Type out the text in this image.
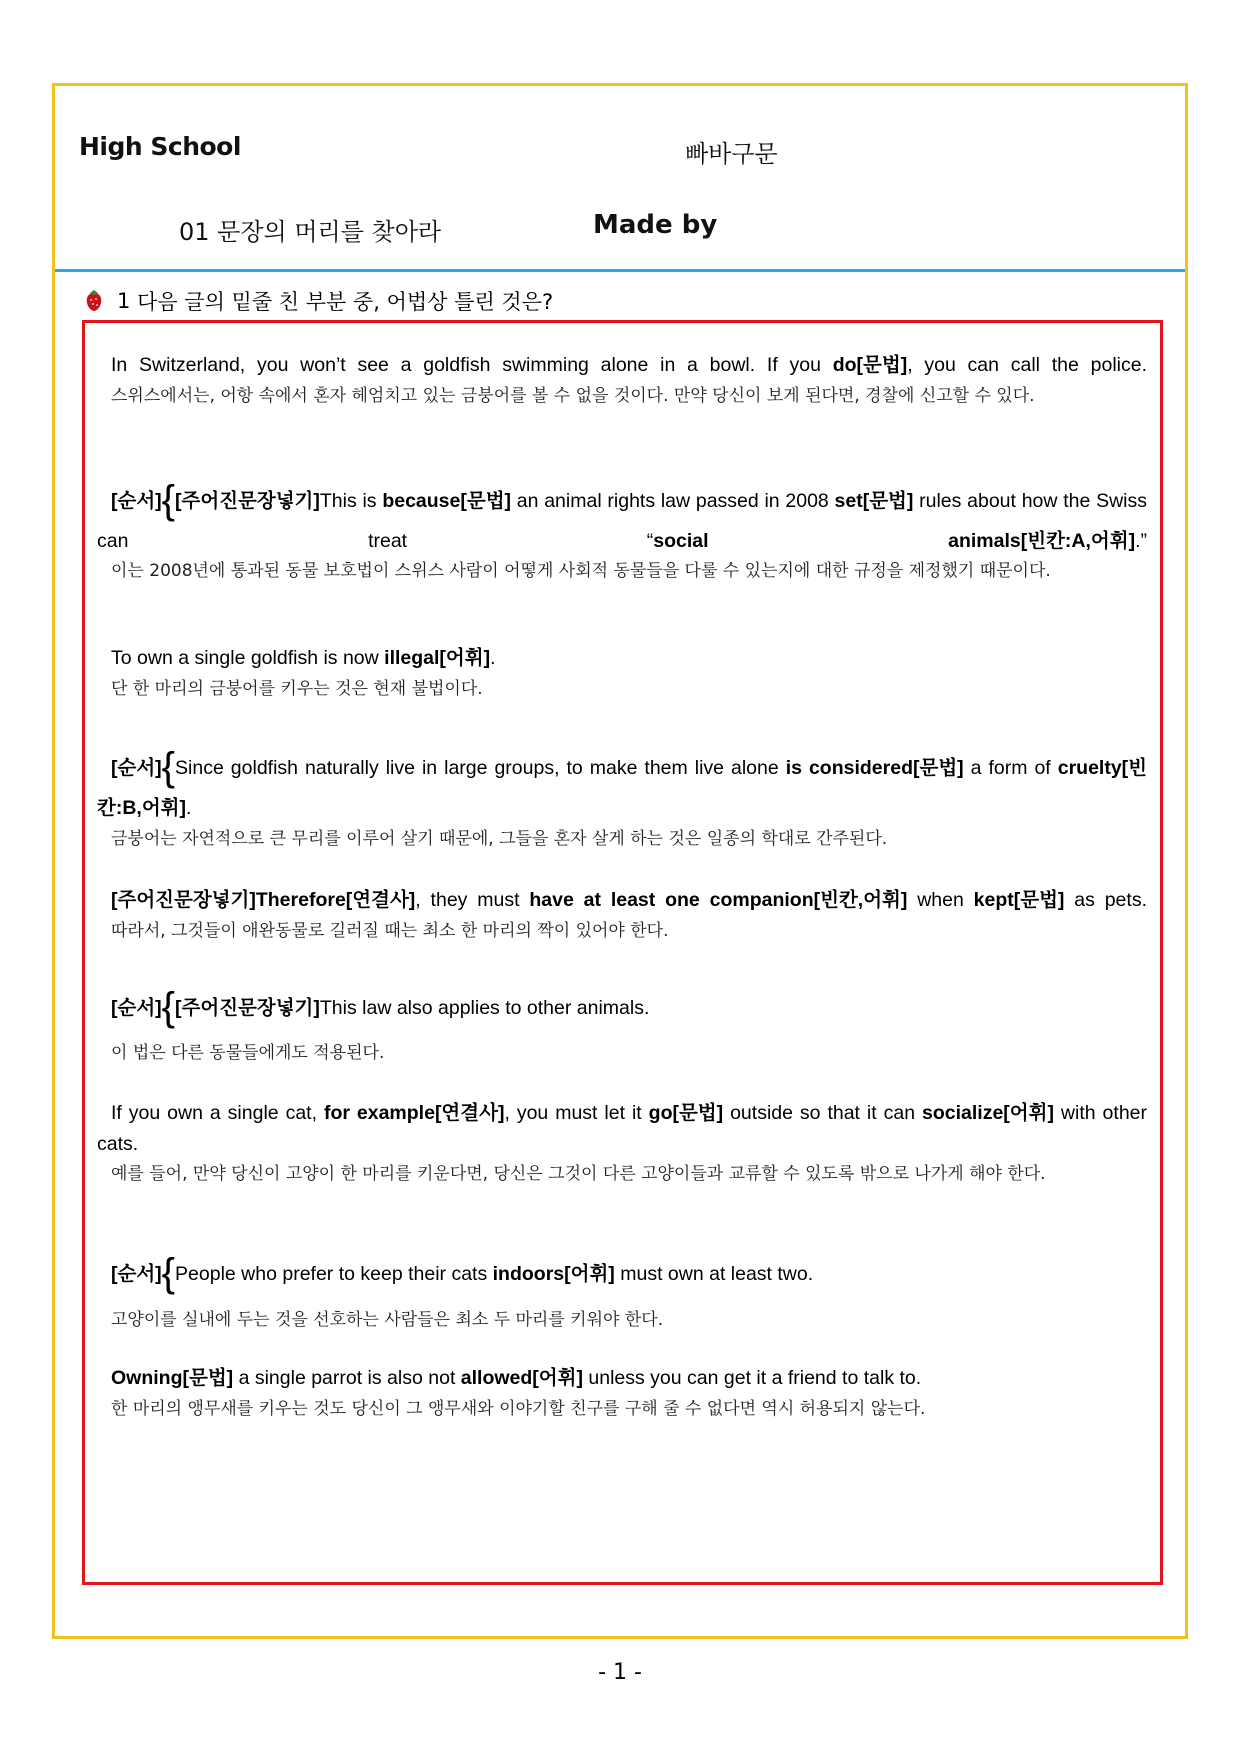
High School	빠바구문
01 문장의 머리를 찾아라	Made by
1
다음 글의 밑줄 친 부분 중, 어법상 틀린 것은?
In Switzerland, you won’t see a goldfish swimming alone in a bowl. If you do[문법], you can call the police.
스위스에서는, 어항 속에서 혼자 헤엄치고 있는 금붕어를 볼 수 없을 것이다. 만약 당신이 보게 된다면, 경찰에 신고할 수 있다.
[순서]{[주어진문장넣기]This is because[문법] an animal rights law passed in 2008 set[문법] rules about how the Swiss can treat “social animals[빈칸:A,어휘].”
이는 2008년에 통과된 동물 보호법이 스위스 사람이 어떻게 사회적 동물들을 다룰 수 있는지에 대한 규정을 제정했기 때문이다.
To own a single goldfish is now illegal[어휘].
단 한 마리의 금붕어를 키우는 것은 현재 불법이다.
[순서]{Since goldfish naturally live in large groups, to make them live alone is considered[문법] a form of cruelty[빈칸:B,어휘].
금붕어는 자연적으로 큰 무리를 이루어 살기 때문에, 그들을 혼자 살게 하는 것은 일종의 학대로 간주된다.
[주어진문장넣기]Therefore[연결사], they must have at least one companion[빈칸,어휘] when kept[문법] as pets.
따라서, 그것들이 애완동물로 길러질 때는 최소 한 마리의 짝이 있어야 한다.
[순서]{[주어진문장넣기]This law also applies to other animals.
이 법은 다른 동물들에게도 적용된다.
If you own a single cat, for example[연결사], you must let it go[문법] outside so that it can socialize[어휘] with other cats.
예를 들어, 만약 당신이 고양이 한 마리를 키운다면, 당신은 그것이 다른 고양이들과 교류할 수 있도록 밖으로 나가게 해야 한다.
[순서]{People who prefer to keep their cats indoors[어휘] must own at least two.
고양이를 실내에 두는 것을 선호하는 사람들은 최소 두 마리를 키워야 한다.
Owning[문법] a single parrot is also not allowed[어휘] unless you can get it a friend to talk to.
한 마리의 앵무새를 키우는 것도 당신이 그 앵무새와 이야기할 친구를 구해 줄 수 없다면 역시 허용되지 않는다.
- 1 -
